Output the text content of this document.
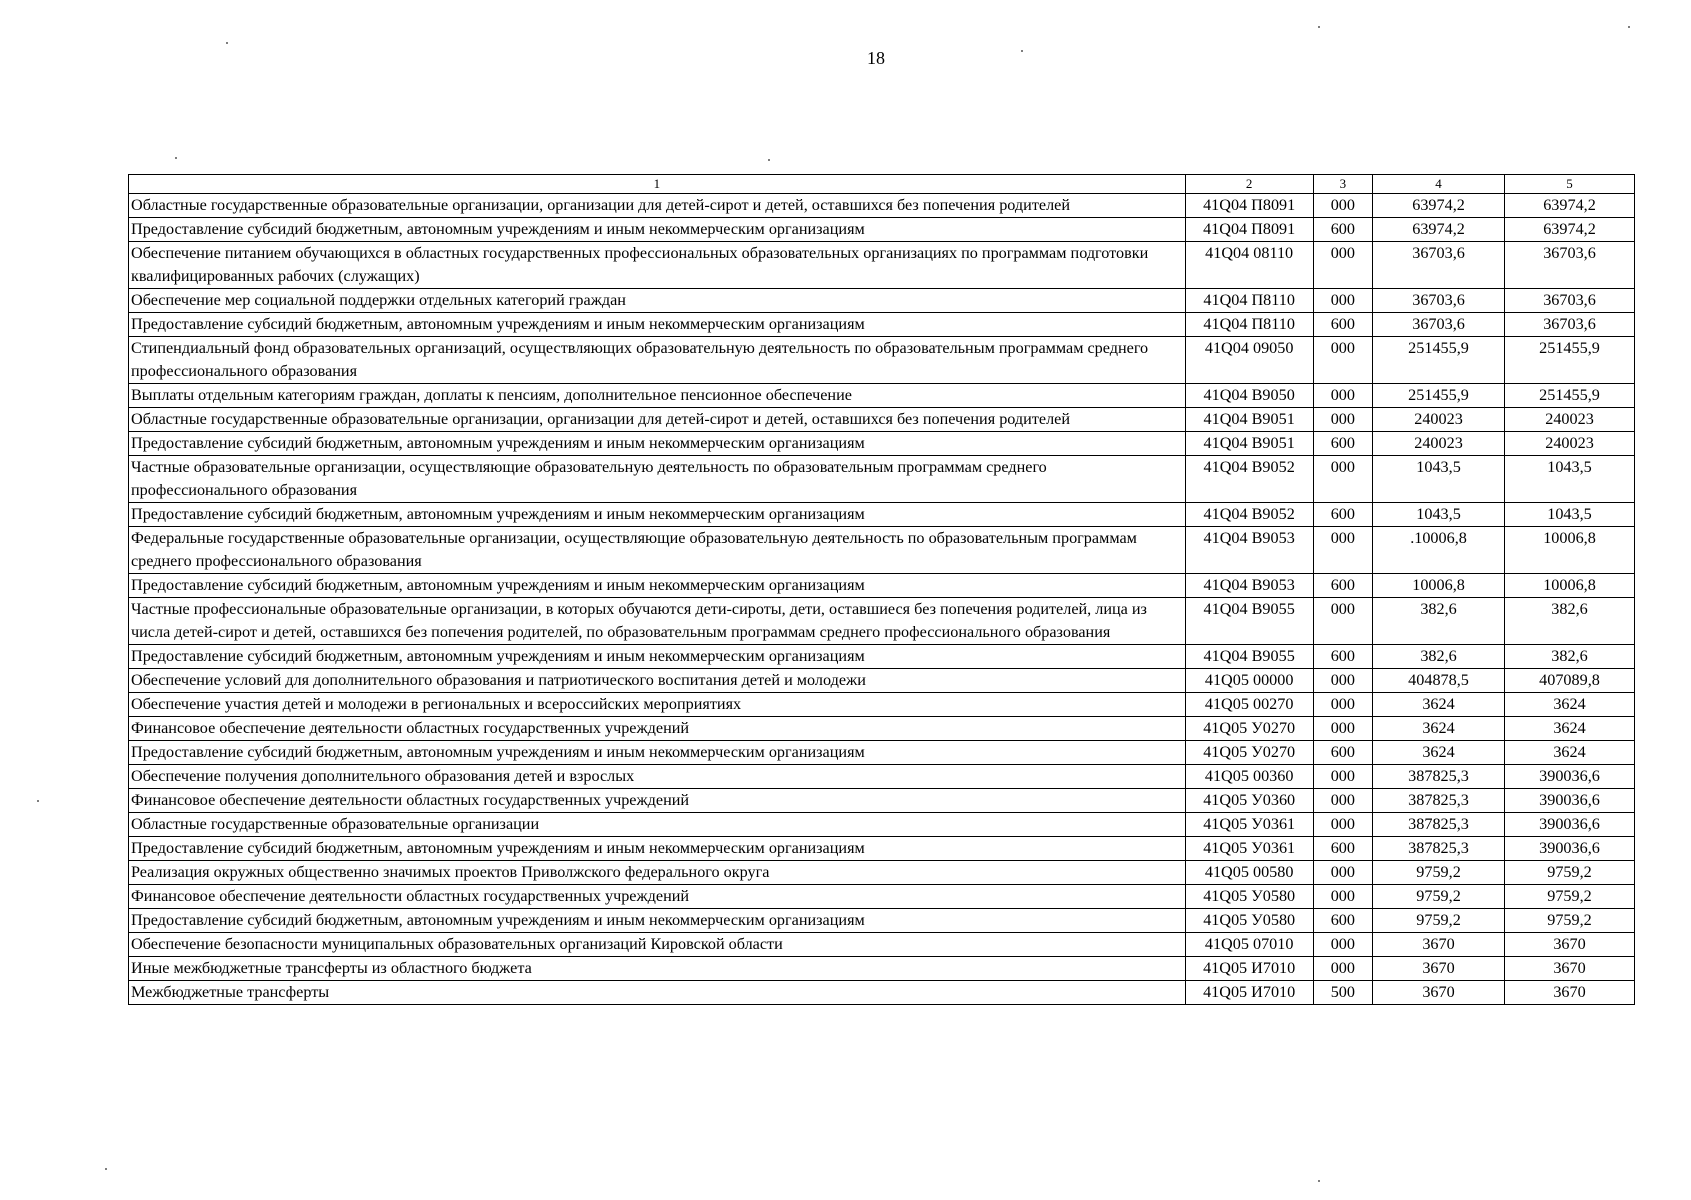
18
1	2	3	4	5
Областные государственные образовательные организации, организации для детей-сирот и детей, оставшихся без попечения родителей	41Q04 П8091	000	63974,2	63974,2
Предоставление субсидий бюджетным, автономным учреждениям и иным некоммерческим организациям	41Q04 П8091	600	63974,2	63974,2
Обеспечение питанием обучающихся в областных государственных профессиональных образовательных организациях по программам подготовки квалифицированных рабочих (служащих)	41Q04 08110	000	36703,6	36703,6
Обеспечение мер социальной поддержки отдельных категорий граждан	41Q04 П8110	000	36703,6	36703,6
Предоставление субсидий бюджетным, автономным учреждениям и иным некоммерческим организациям	41Q04 П8110	600	36703,6	36703,6
Стипендиальный фонд образовательных организаций, осуществляющих образовательную деятельность по образовательным программам среднего профессионального образования	41Q04 09050	000	251455,9	251455,9
Выплаты отдельным категориям граждан, доплаты к пенсиям, дополнительное пенсионное обеспечение	41Q04 В9050	000	251455,9	251455,9
Областные государственные образовательные организации, организации для детей-сирот и детей, оставшихся без попечения родителей	41Q04 В9051	000	240023	240023
Предоставление субсидий бюджетным, автономным учреждениям и иным некоммерческим организациям	41Q04 В9051	600	240023	240023
Частные образовательные организации, осуществляющие образовательную деятельность по образовательным программам среднего профессионального образования	41Q04 В9052	000	1043,5	1043,5
Предоставление субсидий бюджетным, автономным учреждениям и иным некоммерческим организациям	41Q04 В9052	600	1043,5	1043,5
Федеральные государственные образовательные организации, осуществляющие образовательную деятельность по образовательным программам среднего профессионального образования	41Q04 В9053	000	.10006,8	10006,8
Предоставление субсидий бюджетным, автономным учреждениям и иным некоммерческим организациям	41Q04 В9053	600	10006,8	10006,8
Частные профессиональные образовательные организации, в которых обучаются дети-сироты, дети, оставшиеся без попечения родителей, лица из числа детей-сирот и детей, оставшихся без попечения родителей, по образовательным программам среднего профессионального образования	41Q04 В9055	000	382,6	382,6
Предоставление субсидий бюджетным, автономным учреждениям и иным некоммерческим организациям	41Q04 В9055	600	382,6	382,6
Обеспечение условий для дополнительного образования и патриотического воспитания детей и молодежи	41Q05 00000	000	404878,5	407089,8
Обеспечение участия детей и молодежи в региональных и всероссийских мероприятиях	41Q05 00270	000	3624	3624
Финансовое обеспечение деятельности областных государственных учреждений	41Q05 У0270	000	3624	3624
Предоставление субсидий бюджетным, автономным учреждениям и иным некоммерческим организациям	41Q05 У0270	600	3624	3624
Обеспечение получения дополнительного образования детей и взрослых	41Q05 00360	000	387825,3	390036,6
Финансовое обеспечение деятельности областных государственных учреждений	41Q05 У0360	000	387825,3	390036,6
Областные государственные образовательные организации	41Q05 У0361	000	387825,3	390036,6
Предоставление субсидий бюджетным, автономным учреждениям и иным некоммерческим организациям	41Q05 У0361	600	387825,3	390036,6
Реализация окружных общественно значимых проектов Приволжского федерального округа	41Q05 00580	000	9759,2	9759,2
Финансовое обеспечение деятельности областных государственных учреждений	41Q05 У0580	000	9759,2	9759,2
Предоставление субсидий бюджетным, автономным учреждениям и иным некоммерческим организациям	41Q05 У0580	600	9759,2	9759,2
Обеспечение безопасности муниципальных образовательных организаций Кировской области	41Q05 07010	000	3670	3670
Иные межбюджетные трансферты из областного бюджета	41Q05 И7010	000	3670	3670
Межбюджетные трансферты	41Q05 И7010	500	3670	3670
